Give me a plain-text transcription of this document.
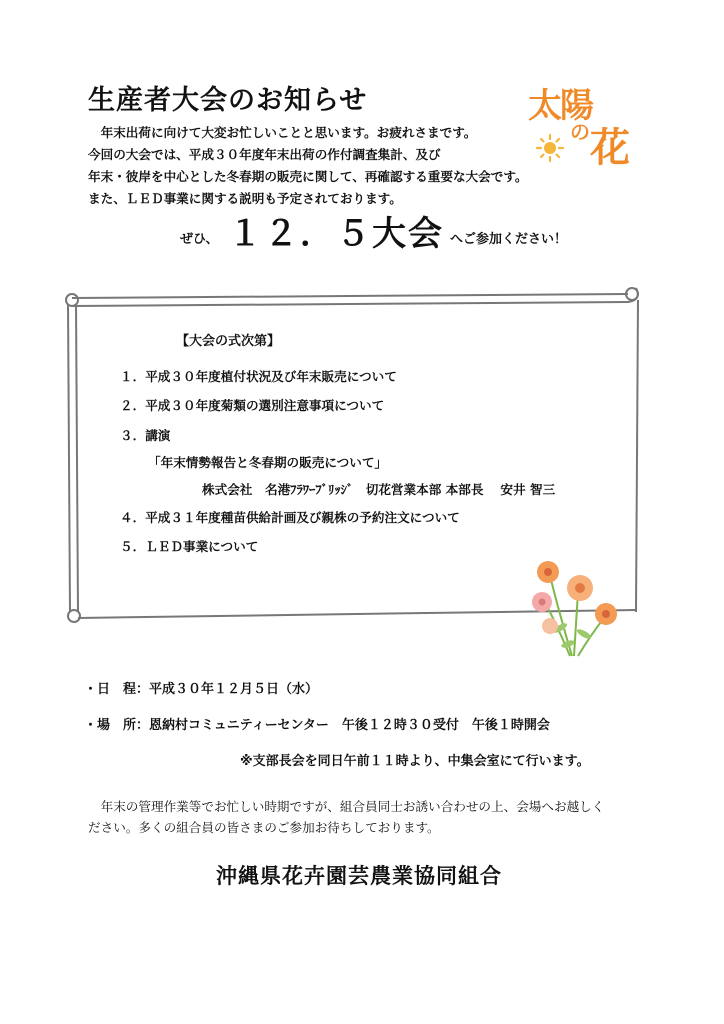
生産者大会のお知らせ
　年末出荷に向けて大変お忙しいことと思います。お疲れさまです。
今回の大会では、平成３０年度年末出荷の作付調査集計、及び
年末・彼岸を中心とした冬春期の販売に関して、再確認する重要な大会です。
また、ＬＥＤ事業に関する説明も予定されております。
ぜひ、 １２．５大会 へご参加ください！
太陽
の 花
【大会の式次第】
１．平成３０年度植付状況及び年末販売について
２．平成３０年度菊類の選別注意事項について
３．講演
「年末情勢報告と冬春期の販売について」
株式会社　名港ﾌﾗﾜｰﾌﾞﾘｯｼﾞ　切花営業本部 本部長　 安井 智三
４．平成３１年度種苗供給計画及び親株の予約注文について
５．ＬＥＤ事業について
・日　程：平成３０年１２月５日（水）
・場　所：恩納村コミュニティーセンター　午後１２時３０受付　午後１時開会
※支部長会を同日午前１１時より、中集会室にて行います。
　年末の管理作業等でお忙しい時期ですが、組合員同士お誘い合わせの上、会場へお越しく
ださい。多くの組合員の皆さまのご参加お待ちしております。
沖縄県花卉園芸農業協同組合
